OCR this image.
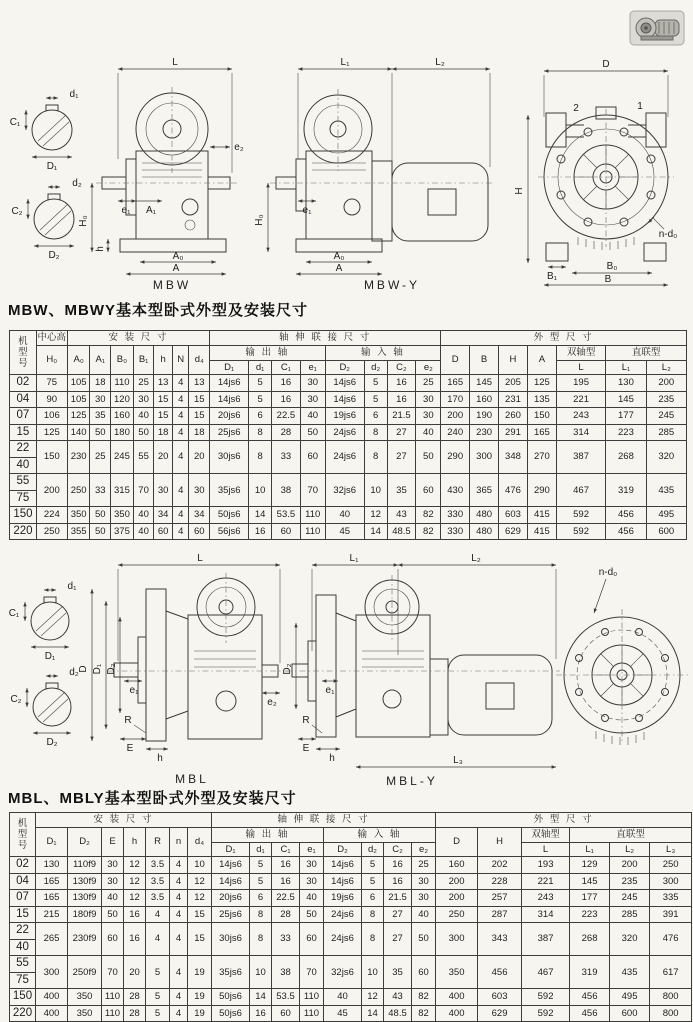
d₁
C₁
D₁
d₂
C₂
D₂
L
e₂
H₀
h
e₁ A₁
A₀
A
MBW
L₁	L₂
H₀
e₁
A₀
A
MBW-Y
D
2	1
n-d₀
H
B₁
B₀
B
MBW、MBWY基本型卧式外型及安装尺寸
机型号	中心高	安 装 尺 寸							轴 伸 联 接 尺 寸								外 型 尺 寸						
	H₀	A₀	A₁	B₀	B₁	h	N	d₄	输 出 轴				输 入 轴				D	B	H	A	双轴型	直联型	
									D₁	d₁	C₁	e₁	D₂	d₂	C₂	e₂					L	L₁	L₂
02	75	105	18	110	25	13	4	13	14js6	5	16	30	14js6	5	16	25	165	145	205	125	195	130	200
04	90	105	30	120	30	15	4	15	14js6	5	16	30	14js6	5	16	30	170	160	231	135	221	145	235
07	106	125	35	160	40	15	4	15	20js6	6	22.5	40	19js6	6	21.5	30	200	190	260	150	243	177	245
15	125	140	50	180	50	18	4	18	25js6	8	28	50	24js6	8	27	40	240	230	291	165	314	223	285

22
40	150	230	25	245	55	20	4	20	30js6	8	33	60	24js6	8	27	50	290	300	348	270	387	268	320

55
75	200	250	33	315	70	30	4	30	35js6	10	38	70	32js6	10	35	60	430	365	476	290	467	319	435
150	224	350	50	350	40	34	4	34	50js6	14	53.5	110	40	12	43	82	330	480	603	415	592	456	495
220	250	355	50	375	40	60	4	60	56js6	16	60	110	45	14	48.5	82	330	480	629	415	592	456	600
d₁
C₁
D₁
d₂
C₂
D₂
L
D D₁ D₂
e₁
e₂
R
E
h
MBL
L₁	L₂
D₂
e₁
R
E
h	L₃
MBL-Y
n-d₀
MBL、MBLY基本型卧式外型及安装尺寸
机型号	安 装 尺 寸							轴 伸 联 接 尺 寸								外 型 尺 寸					
	D₁	D₂	E	h	R	n	d₄	输 出 轴				输 入 轴				D	H	双轴型	直联型		
								D₁	d₁	C₁	e₁	D₂	d₂	C₂	e₂			L	L₁	L₂	L₃
02	130	110f9	30	12	3.5	4	10	14js6	5	16	30	14js6	5	16	25	160	202	193	129	200	250
04	165	130f9	30	12	3.5	4	12	14js6	5	16	30	14js6	5	16	30	200	228	221	145	235	300
07	165	130f9	40	12	3.5	4	12	20js6	6	22.5	40	19js6	6	21.5	30	200	257	243	177	245	335
15	215	180f9	50	16	4	4	15	25js6	8	28	50	24js6	8	27	40	250	287	314	223	285	391

22
40	265	230f9	60	16	4	4	15	30js6	8	33	60	24js6	8	27	50	300	343	387	268	320	476

55
75	300	250f9	70	20	5	4	19	35js6	10	38	70	32js6	10	35	60	350	456	467	319	435	617
150	400	350	110	28	5	4	19	50js6	14	53.5	110	40	12	43	82	400	603	592	456	495	800
220	400	350	110	28	5	4	19	50js6	16	60	110	45	14	48.5	82	400	629	592	456	600	800
